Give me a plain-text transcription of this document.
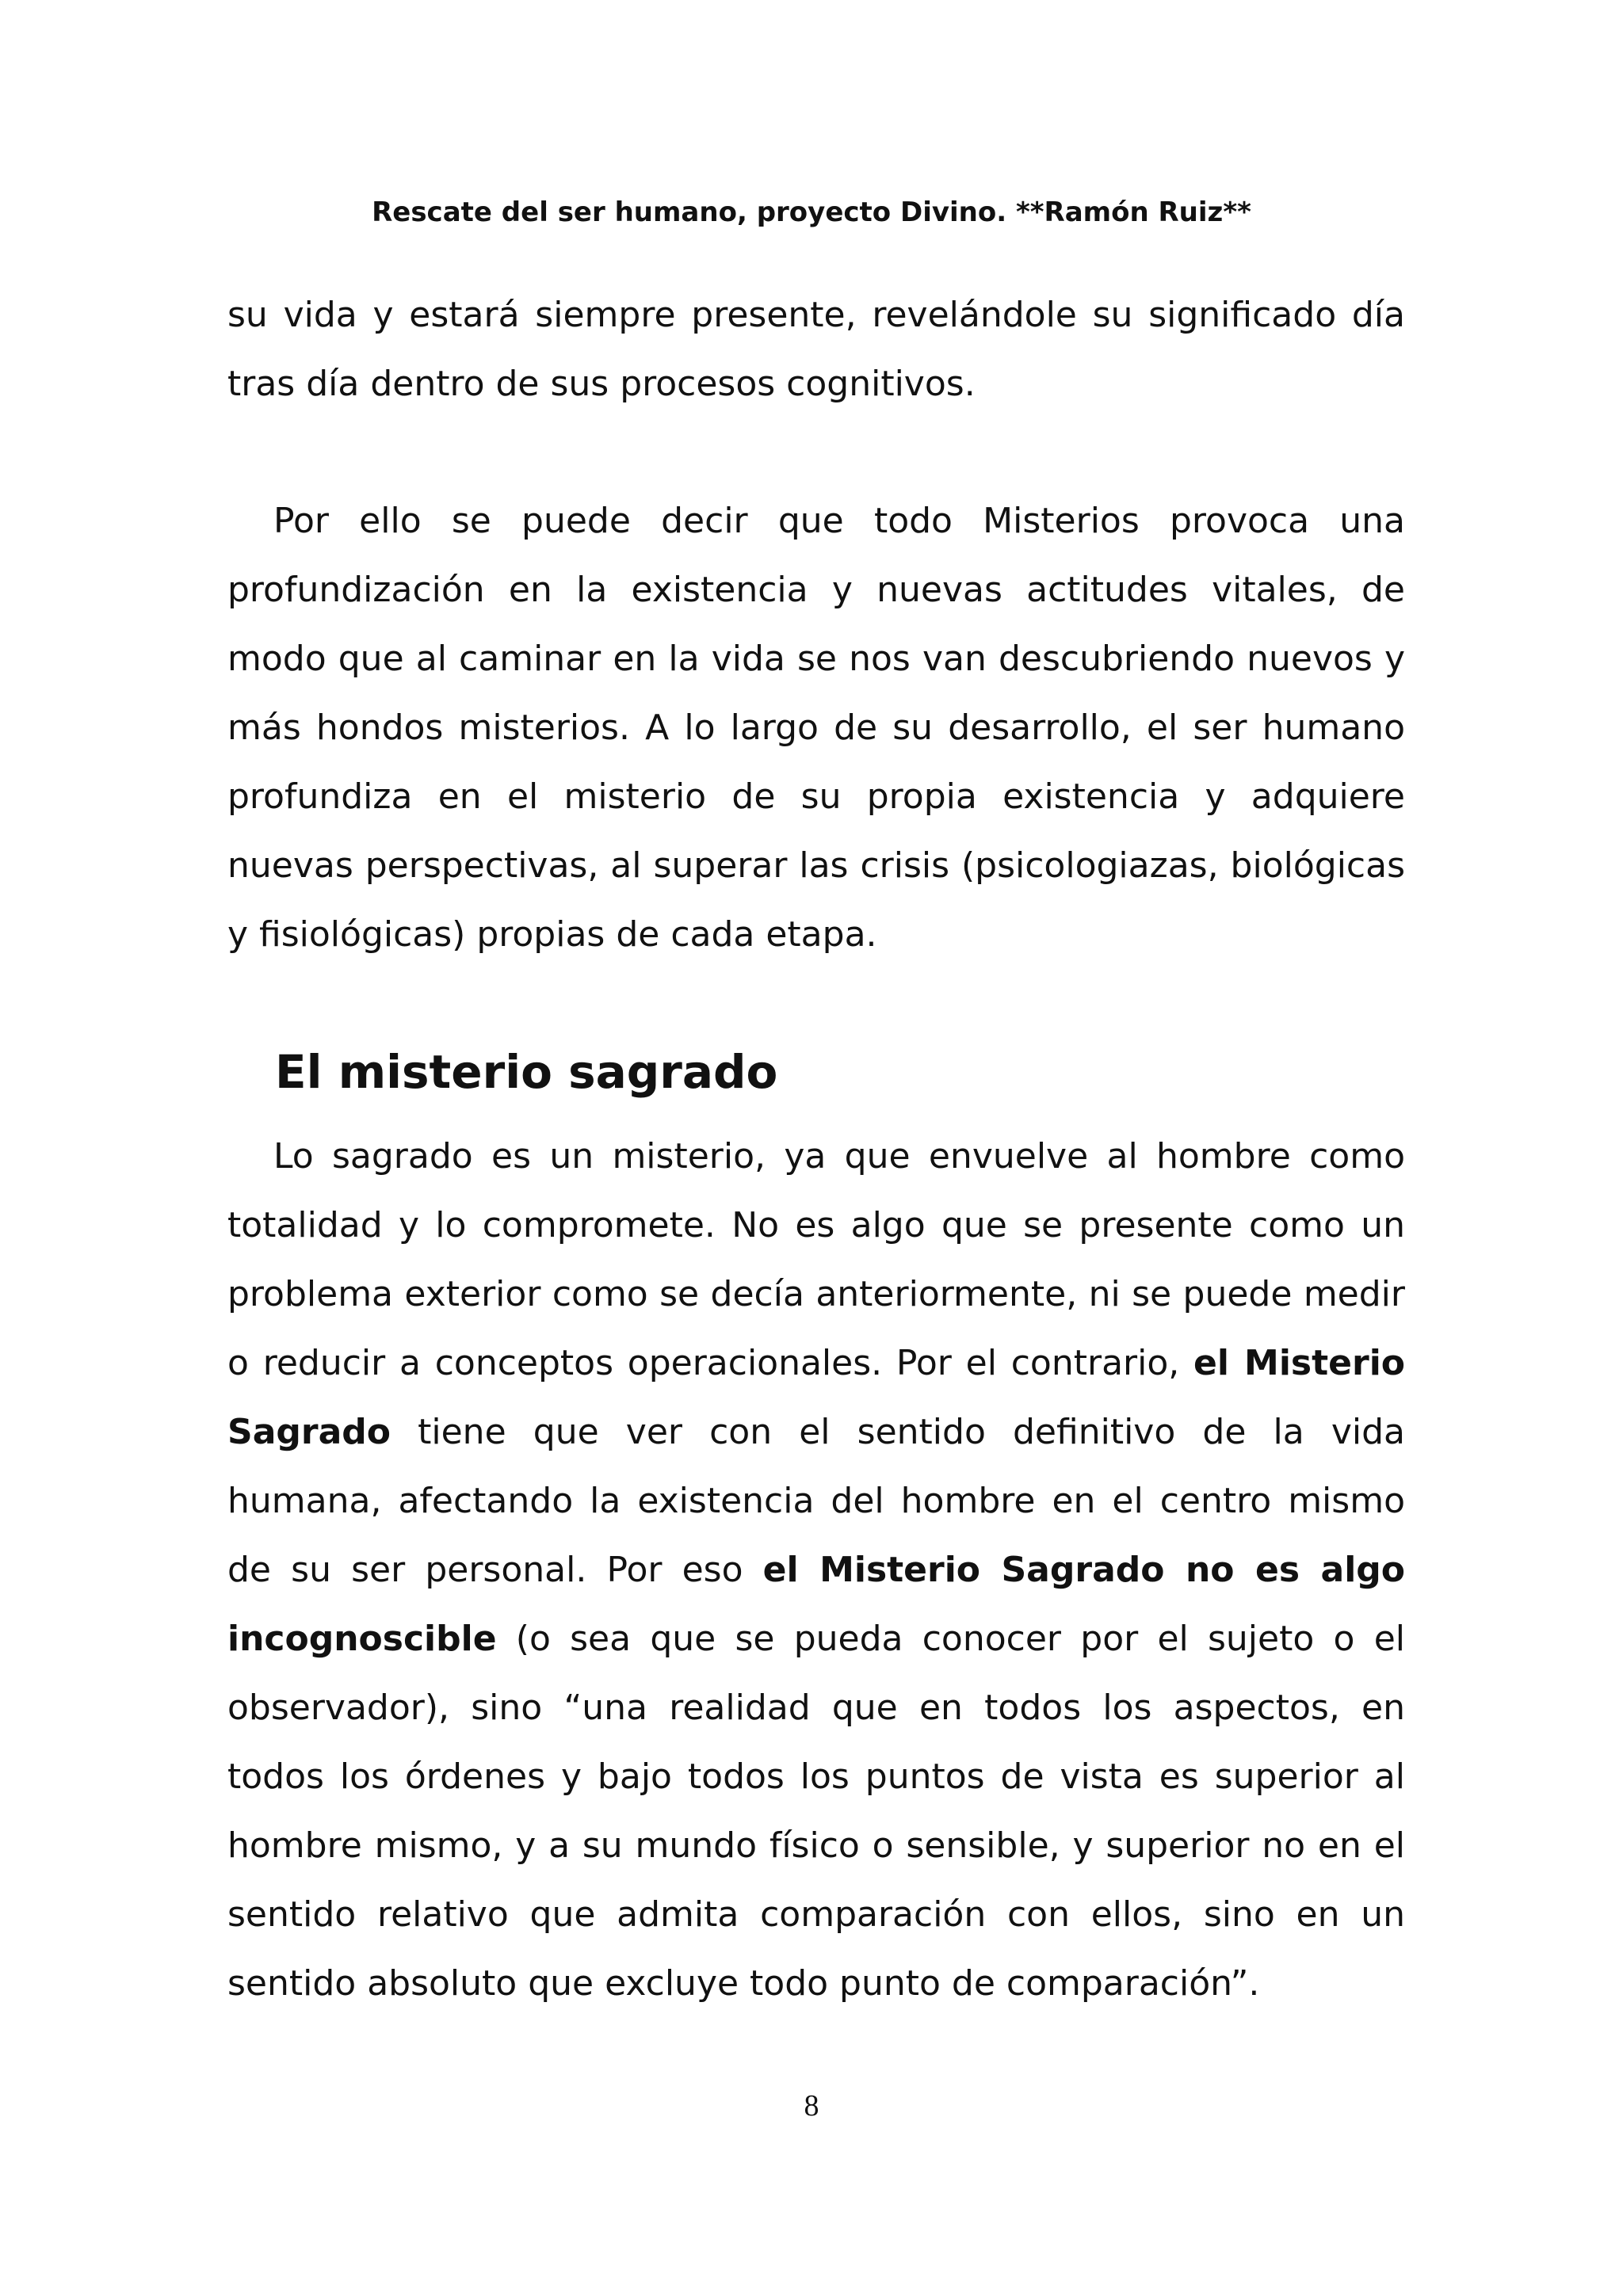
Rescate del ser humano, proyecto Divino. **Ramón Ruiz**

su vida y estará siempre presente, revelándole su significado día tras día dentro de sus procesos cognitivos.

Por ello se puede decir que todo Misterios provoca una profundización en la existencia y nuevas actitudes vitales, de modo que al caminar en la vida se nos van descubriendo nuevos y más hondos misterios. A lo largo de su desarrollo, el ser humano profundiza en el misterio de su propia existencia y adquiere nuevas perspectivas, al superar las crisis (psicologiazas, biológicas y fisiológicas) propias de cada etapa.

El misterio sagrado

Lo sagrado es un misterio, ya que envuelve al hombre como totalidad y lo compromete. No es algo que se presente como un problema exterior como se decía anteriormente, ni se puede medir o reducir a conceptos operacionales. Por el contrario, el Misterio Sagrado tiene que ver con el sentido definitivo de la vida humana, afectando la existencia del hombre en el centro mismo de su ser personal. Por eso el Misterio Sagrado no es algo incognoscible (o sea que se pueda conocer por el sujeto o el observador), sino “una realidad que en todos los aspectos, en todos los órdenes y bajo todos los puntos de vista es superior al hombre mismo, y a su mundo físico o sensible, y superior no en el sentido relativo que admita comparación con ellos, sino en un sentido absoluto que excluye todo punto de comparación”.

8
